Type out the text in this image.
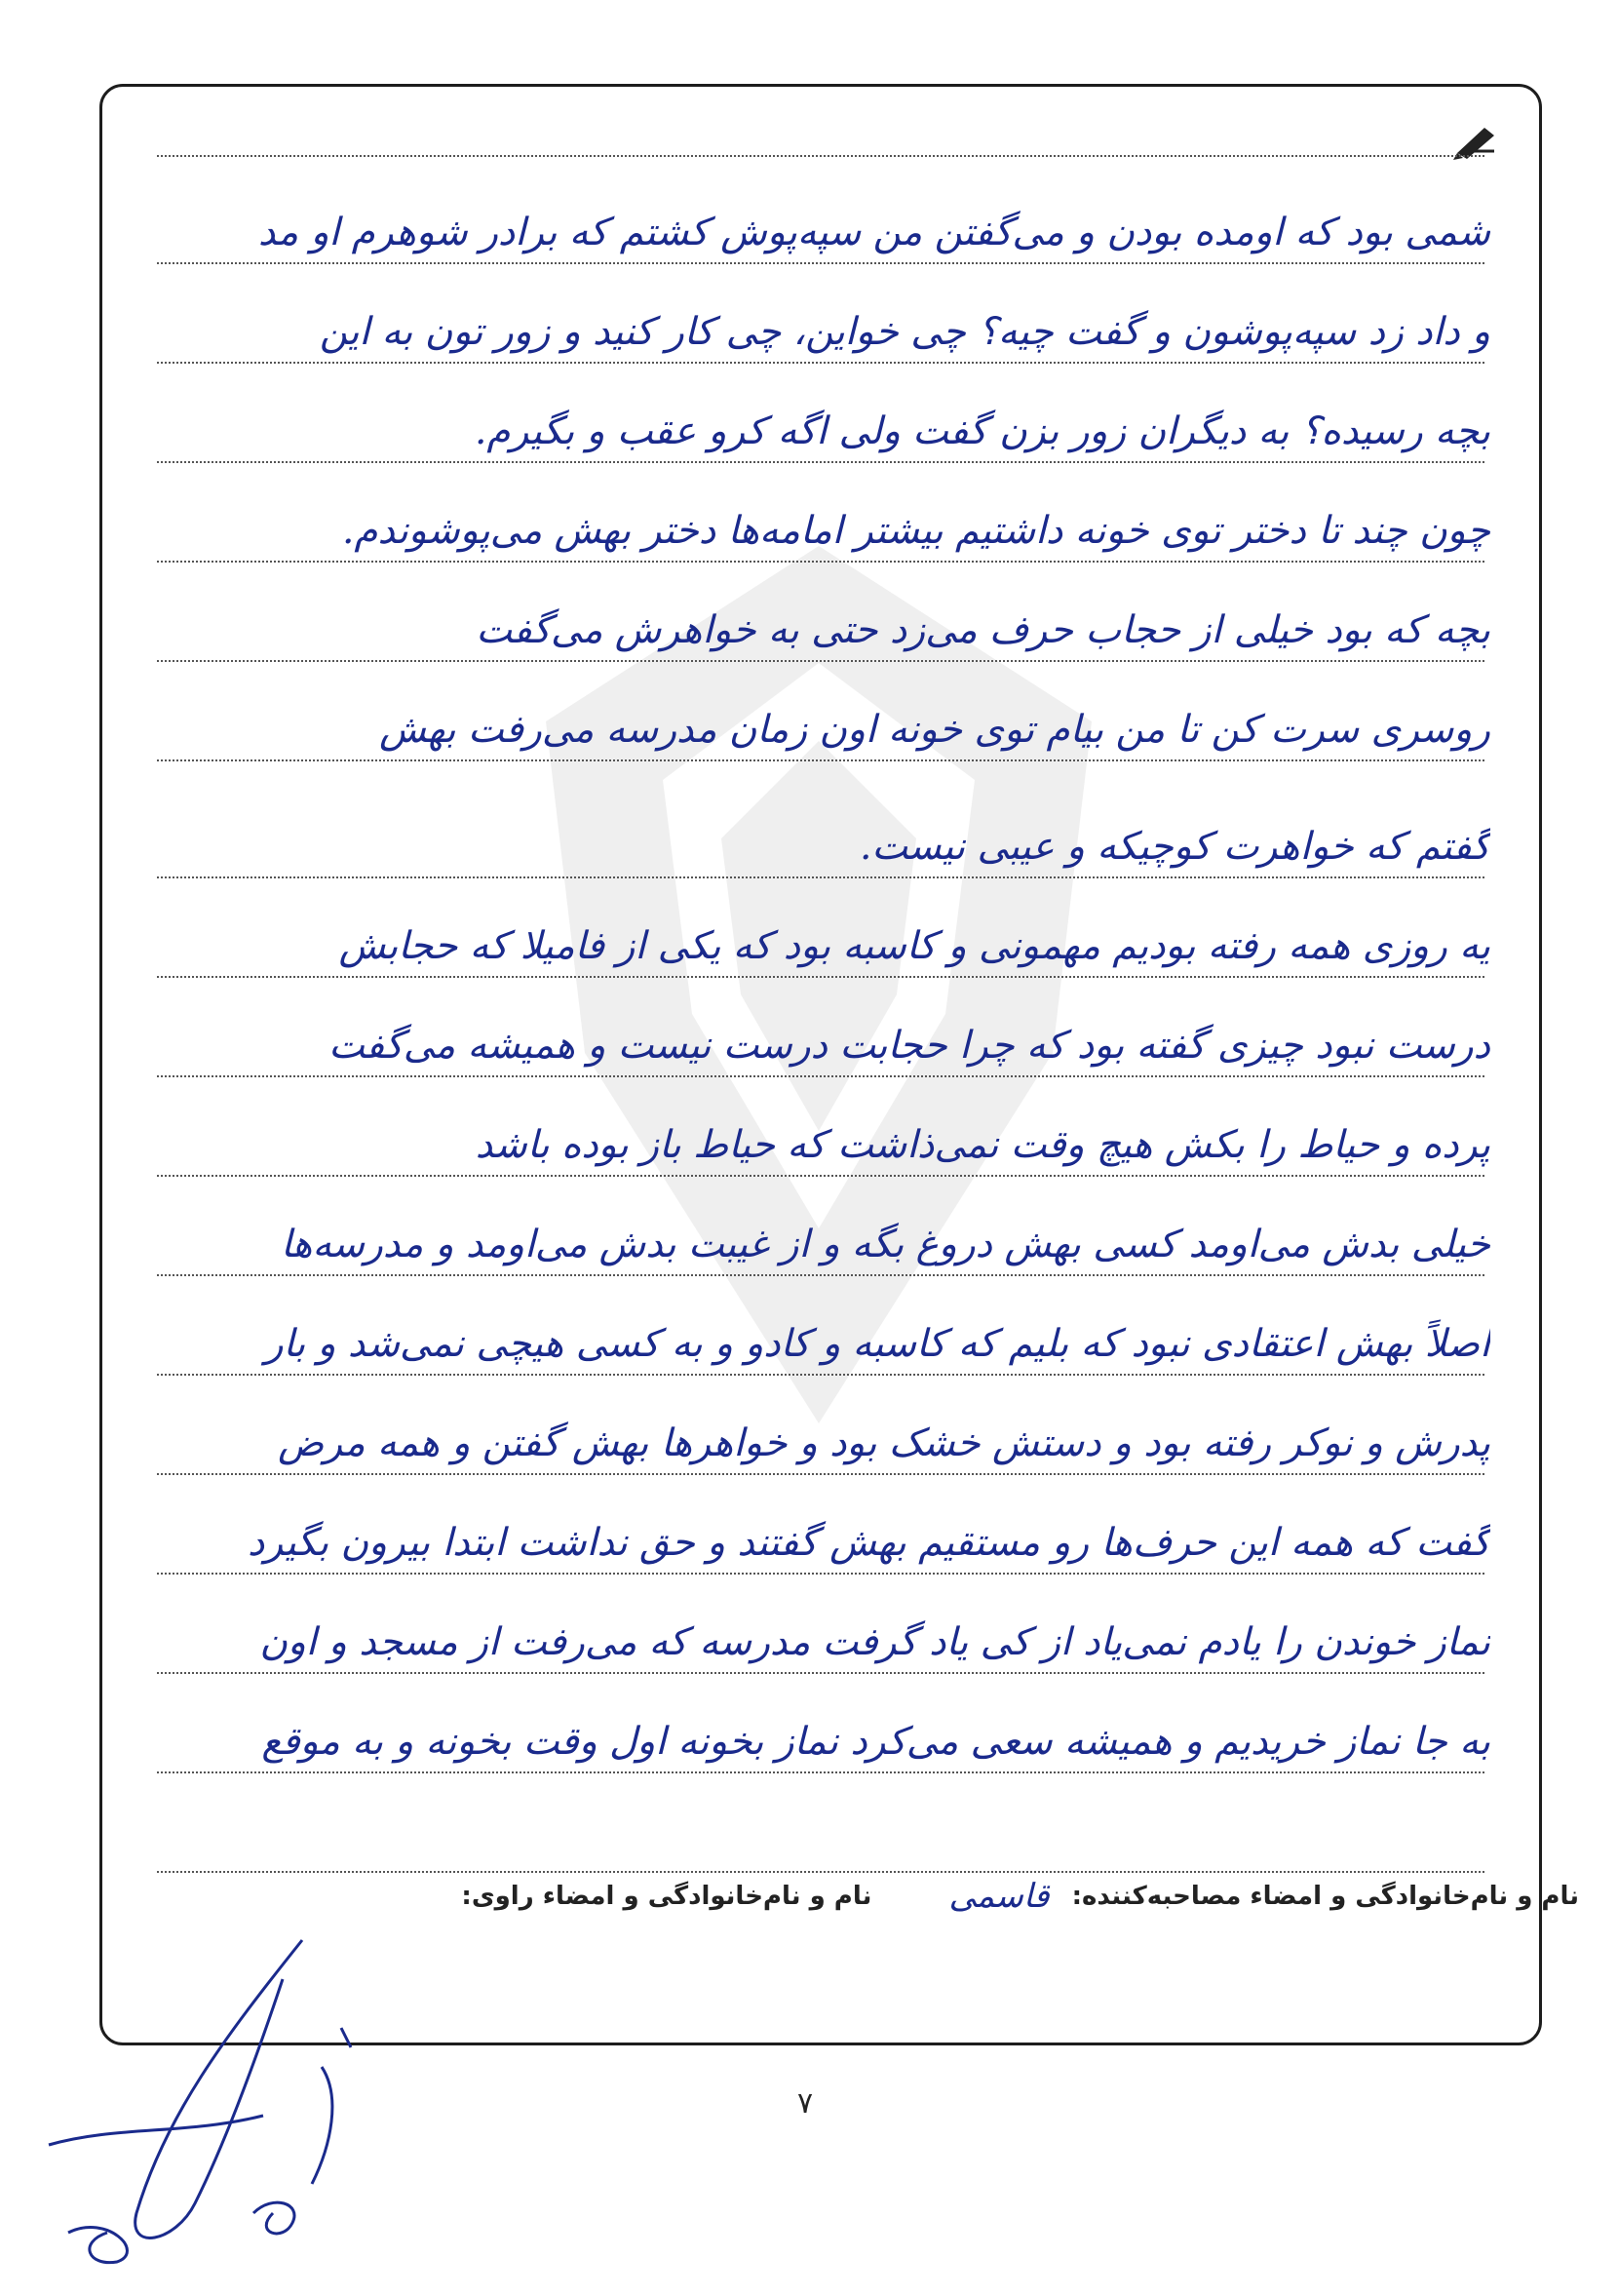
شمی بود که اومده بودن و می‌گفتن من سپه‌پوش کشتم که برادر شوهرم او مد
و داد زد سپه‌پوشون و گفت چیه؟ چی خواین، چی کار کنید و زور تون به این
بچه رسیده؟ به دیگران زور بزن گفت ولی اگه کرو عقب و بگیرم.
چون چند تا دختر توی خونه داشتیم بیشتر امامه‌ها دختر بهش می‌پوشوندم.
بچه که بود خیلی از حجاب حرف می‌زد حتی به خواهرش می‌گفت
روسری سرت کن تا من بیام توی خونه اون زمان مدرسه می‌رفت بهش
گفتم که خواهرت کوچیکه و عیبی نیست.
یه روزی همه رفته بودیم مهمونی و کاسبه بود که یکی از فامیلا که حجابش
درست نبود چیزی گفته بود که چرا حجابت درست نیست و همیشه می‌گفت
پرده و حیاط را بکش هیچ وقت نمی‌ذاشت که حیاط باز بوده باشد
خیلی بدش می‌اومد کسی بهش دروغ بگه و از غیبت بدش می‌اومد و مدرسه‌ها
اصلاً بهش اعتقادی نبود که بلیم که کاسبه و کادو و به کسی هیچی نمی‌شد و بار
پدرش و نوکر رفته بود و دستش خشک بود و خواهرها بهش گفتن و همه مرض
گفت که همه این حرف‌ها رو مستقیم بهش گفتند و حق نداشت ابتدا بیرون بگیرد
نماز خوندن را یادم نمی‌یاد از کی یاد گرفت مدرسه که می‌رفت از مسجد و اون
به جا نماز خریدیم و همیشه سعی می‌کرد نماز بخونه اول وقت بخونه و به موقع
نام و نام‌خانوادگی و امضاء مصاحبه‌کننده: قاسمی نام و نام‌خانوادگی و امضاء راوی:
۷
